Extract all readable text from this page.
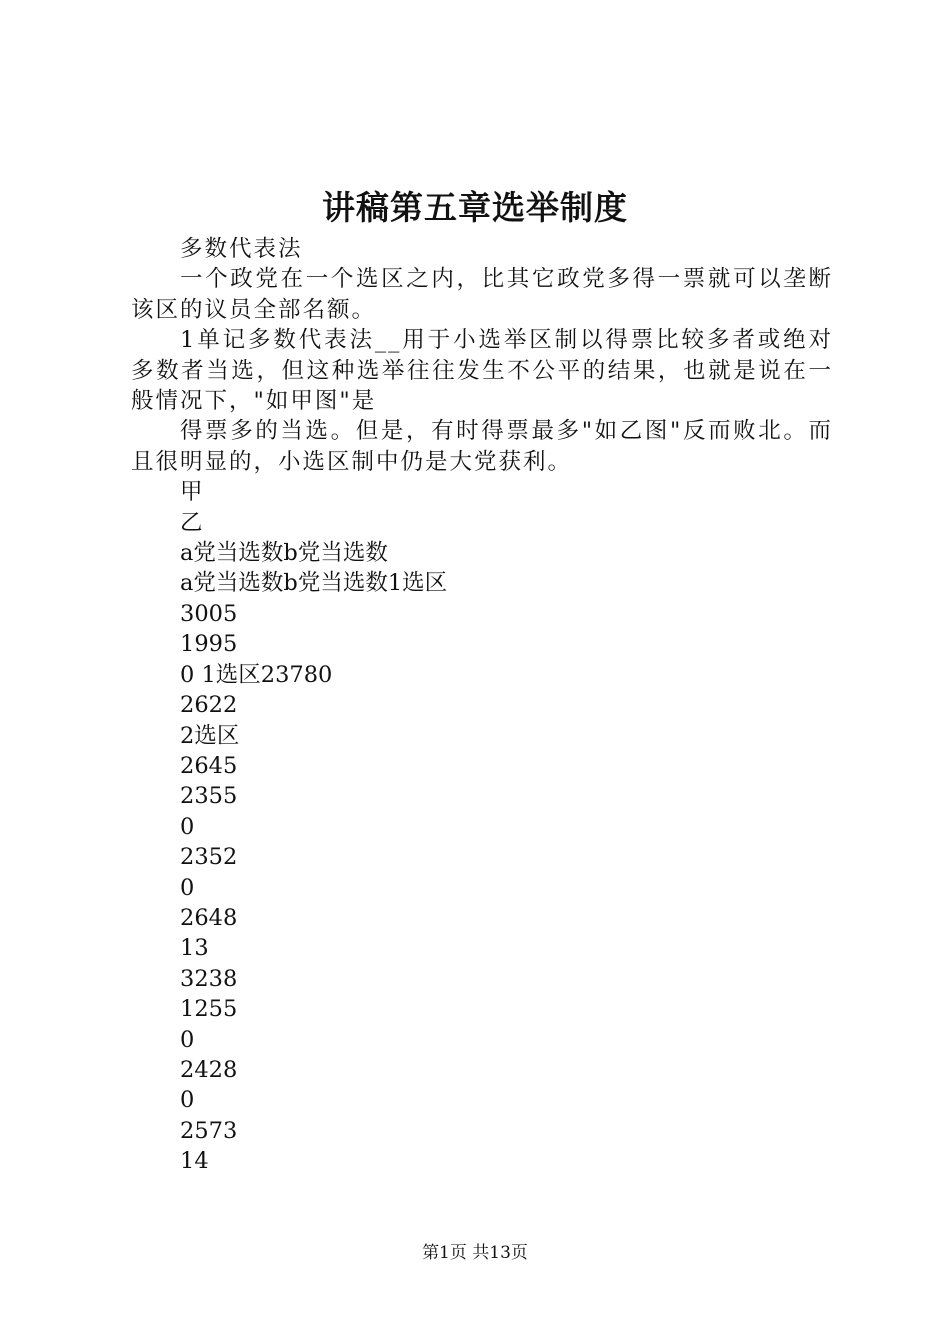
讲稿第五章选举制度

多数代表法

一个政党在一个选区之内，比其它政党多得一票就可以垄断该区的议员全部名额。

1单记多数代表法__用于小选举区制以得票比较多者或绝对多数者当选，但这种选举往往发生不公平的结果，也就是说在一般情况下，"如甲图"是

得票多的当选。但是，有时得票最多"如乙图"反而败北。而且很明显的，小选区制中仍是大党获利。

甲

乙

a党当选数b党当选数

a党当选数b党当选数1选区

3005

1995

0 1选区23780

2622

2选区

2645

2355

0

2352

0

2648

13

3238

1255

0

2428

0

2573

14

第1页 共13页
